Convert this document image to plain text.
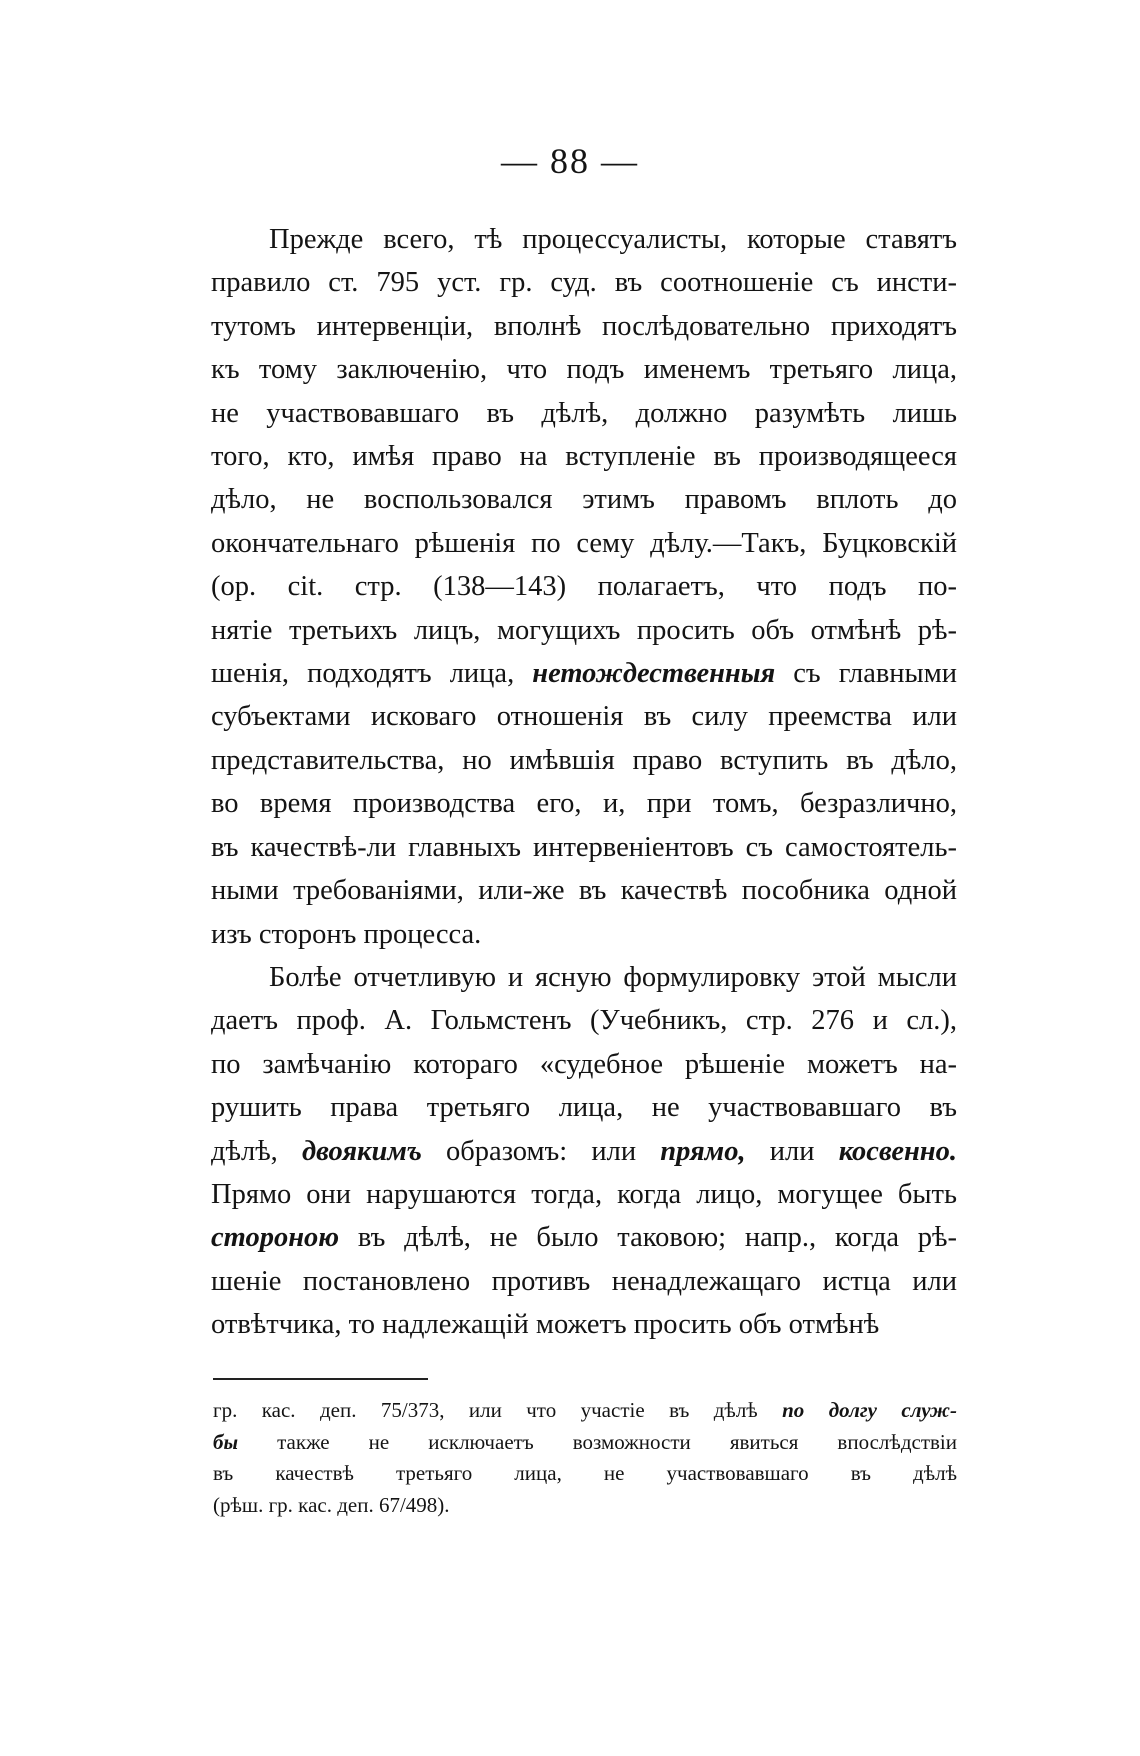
— 88 —
Прежде всего, тѣ процессуалисты, которые ставятъ
правило ст. 795 уст. гр. суд. въ соотношеніе съ инсти-
тутомъ интервенціи, вполнѣ послѣдовательно приходятъ
къ тому заключенію, что подъ именемъ третьяго лица,
не участвовавшаго въ дѣлѣ, должно разумѣть лишь
того, кто, имѣя право на вступленіе въ производящееся
дѣло, не воспользовался этимъ правомъ вплоть до
окончательнаго рѣшенія по сему дѣлу.—Такъ, Буцковскій
(op. cit. стр. (138—143) полагаетъ, что подъ по-
нятіе третьихъ лицъ, могущихъ просить объ отмѣнѣ рѣ-
шенія, подходятъ лица, нетождественныя съ главными
субъектами исковаго отношенія въ силу преемства или
представительства, но имѣвшія право вступить въ дѣло,
во время производства его, и, при томъ, безразлично,
въ качествѣ-ли главныхъ интервеніентовъ съ самостоятель-
ными требованіями, или-же въ качествѣ пособника одной
изъ сторонъ процесса.
Болѣе отчетливую и ясную формулировку этой мысли
даетъ проф. А. Гольмстенъ (Учебникъ, стр. 276 и сл.),
по замѣчанію котораго «судебное рѣшеніе можетъ на-
рушить права третьяго лица, не участвовавшаго въ
дѣлѣ, двоякимъ образомъ: или прямо, или косвенно.
Прямо они нарушаются тогда, когда лицо, могущее быть
стороною въ дѣлѣ, не было таковою; напр., когда рѣ-
шеніе постановлено противъ ненадлежащаго истца или
отвѣтчика, то надлежащій можетъ просить объ отмѣнѣ
гр. кас. деп. 75/373, или что участіе въ дѣлѣ по долгу служ-
бы также не исключаетъ возможности явиться впослѣдствіи
въ качествѣ третьяго лица, не участвовавшаго въ дѣлѣ
(рѣш. гр. кас. деп. 67/498).
